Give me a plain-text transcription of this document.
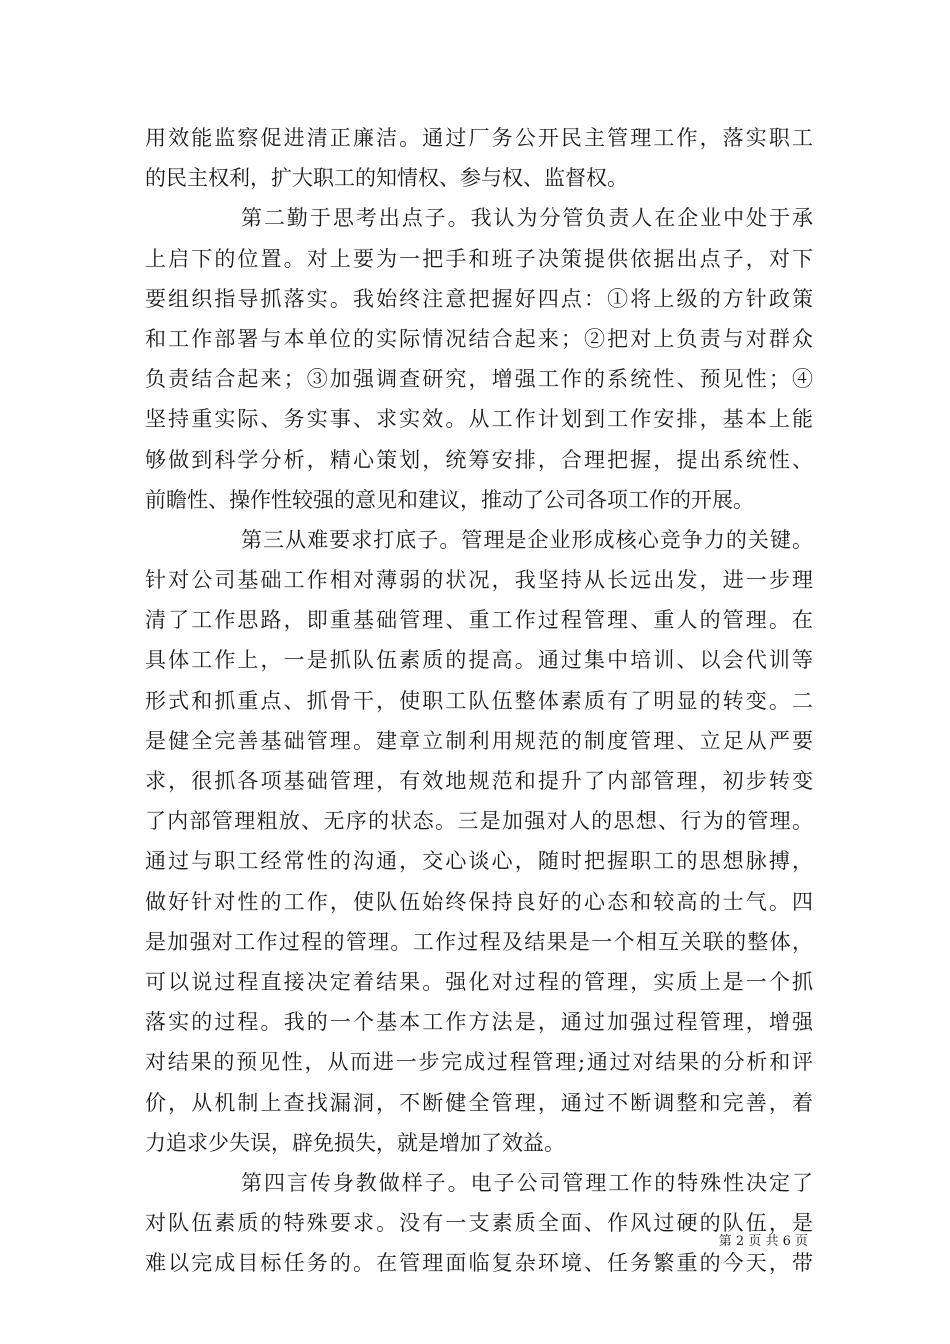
用效能监察促进清正廉洁。通过厂务公开民主管理工作，落实职工
的民主权利，扩大职工的知情权、参与权、监督权。
第二勤于思考出点子。我认为分管负责人在企业中处于承
上启下的位置。对上要为一把手和班子决策提供依据出点子，对下
要组织指导抓落实。我始终注意把握好四点：①将上级的方针政策
和工作部署与本单位的实际情况结合起来；②把对上负责与对群众
负责结合起来；③加强调查研究，增强工作的系统性、预见性；④
坚持重实际、务实事、求实效。从工作计划到工作安排，基本上能
够做到科学分析，精心策划，统筹安排，合理把握，提出系统性、
前瞻性、操作性较强的意见和建议，推动了公司各项工作的开展。
第三从难要求打底子。管理是企业形成核心竞争力的关键。
针对公司基础工作相对薄弱的状况，我坚持从长远出发，进一步理
清了工作思路，即重基础管理、重工作过程管理、重人的管理。在
具体工作上，一是抓队伍素质的提高。通过集中培训、以会代训等
形式和抓重点、抓骨干，使职工队伍整体素质有了明显的转变。二
是健全完善基础管理。建章立制利用规范的制度管理、立足从严要
求，很抓各项基础管理，有效地规范和提升了内部管理，初步转变
了内部管理粗放、无序的状态。三是加强对人的思想、行为的管理。
通过与职工经常性的沟通，交心谈心，随时把握职工的思想脉搏，
做好针对性的工作，使队伍始终保持良好的心态和较高的士气。四
是加强对工作过程的管理。工作过程及结果是一个相互关联的整体，
可以说过程直接决定着结果。强化对过程的管理，实质上是一个抓
落实的过程。我的一个基本工作方法是，通过加强过程管理，增强
对结果的预见性，从而进一步完成过程管理;通过对结果的分析和评
价，从机制上查找漏洞，不断健全管理，通过不断调整和完善，着
力追求少失误，辟免损失，就是增加了效益。
第四言传身教做样子。电子公司管理工作的特殊性决定了
对队伍素质的特殊要求。没有一支素质全面、作风过硬的队伍，是
难以完成目标任务的。在管理面临复杂环境、任务繁重的今天，带
第 2 页 共 6 页
